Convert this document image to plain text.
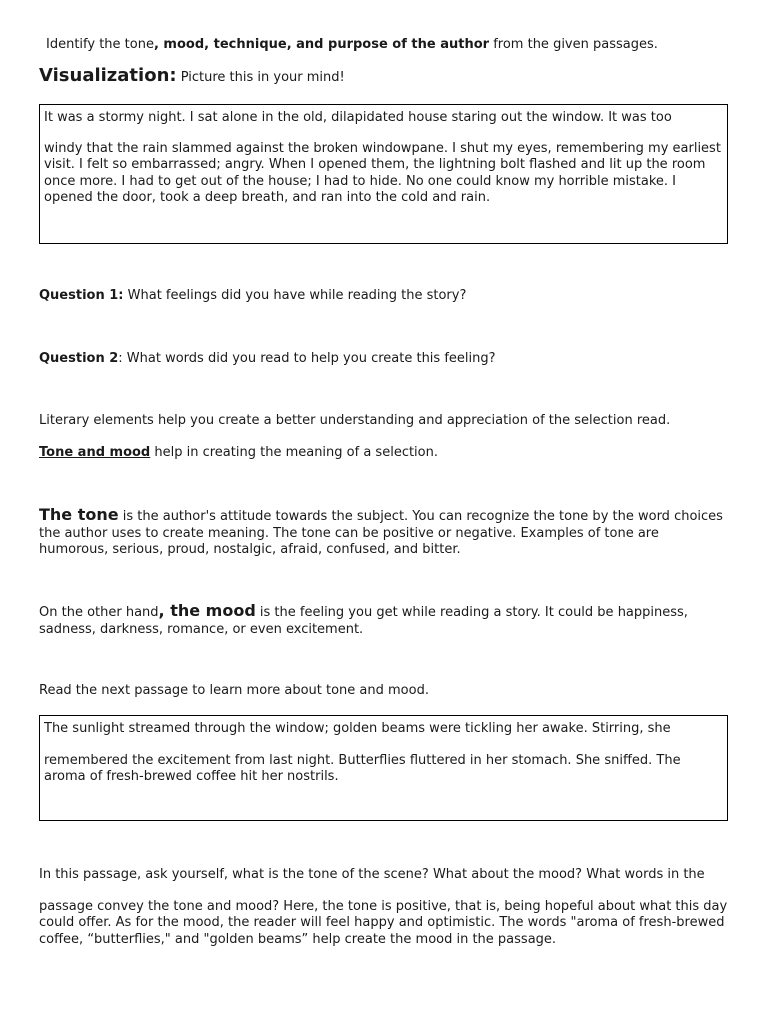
Identify the tone, mood, technique, and purpose of the author from the given passages.

Visualization: Picture this in your mind!

It was a stormy night. I sat alone in the old, dilapidated house staring out the window. It was too

windy that the rain slammed against the broken windowpane. I shut my eyes, remembering my earliest visit. I felt so embarrassed; angry. When I opened them, the lightning bolt flashed and lit up the room once more. I had to get out of the house; I had to hide. No one could know my horrible mistake. I opened the door, took a deep breath, and ran into the cold and rain.

Question 1: What feelings did you have while reading the story?

Question 2: What words did you read to help you create this feeling?

Literary elements help you create a better understanding and appreciation of the selection read.

Tone and mood help in creating the meaning of a selection.

The tone is the author's attitude towards the subject. You can recognize the tone by the word choices the author uses to create meaning. The tone can be positive or negative. Examples of tone are humorous, serious, proud, nostalgic, afraid, confused, and bitter.

On the other hand, the mood is the feeling you get while reading a story. It could be happiness, sadness, darkness, romance, or even excitement.

Read the next passage to learn more about tone and mood.

The sunlight streamed through the window; golden beams were tickling her awake. Stirring, she

remembered the excitement from last night. Butterflies fluttered in her stomach. She sniffed. The aroma of fresh-brewed coffee hit her nostrils.

In this passage, ask yourself, what is the tone of the scene? What about the mood? What words in the

passage convey the tone and mood? Here, the tone is positive, that is, being hopeful about what this day could offer. As for the mood, the reader will feel happy and optimistic. The words "aroma of fresh-brewed coffee, “butterflies," and "golden beams” help create the mood in the passage.
